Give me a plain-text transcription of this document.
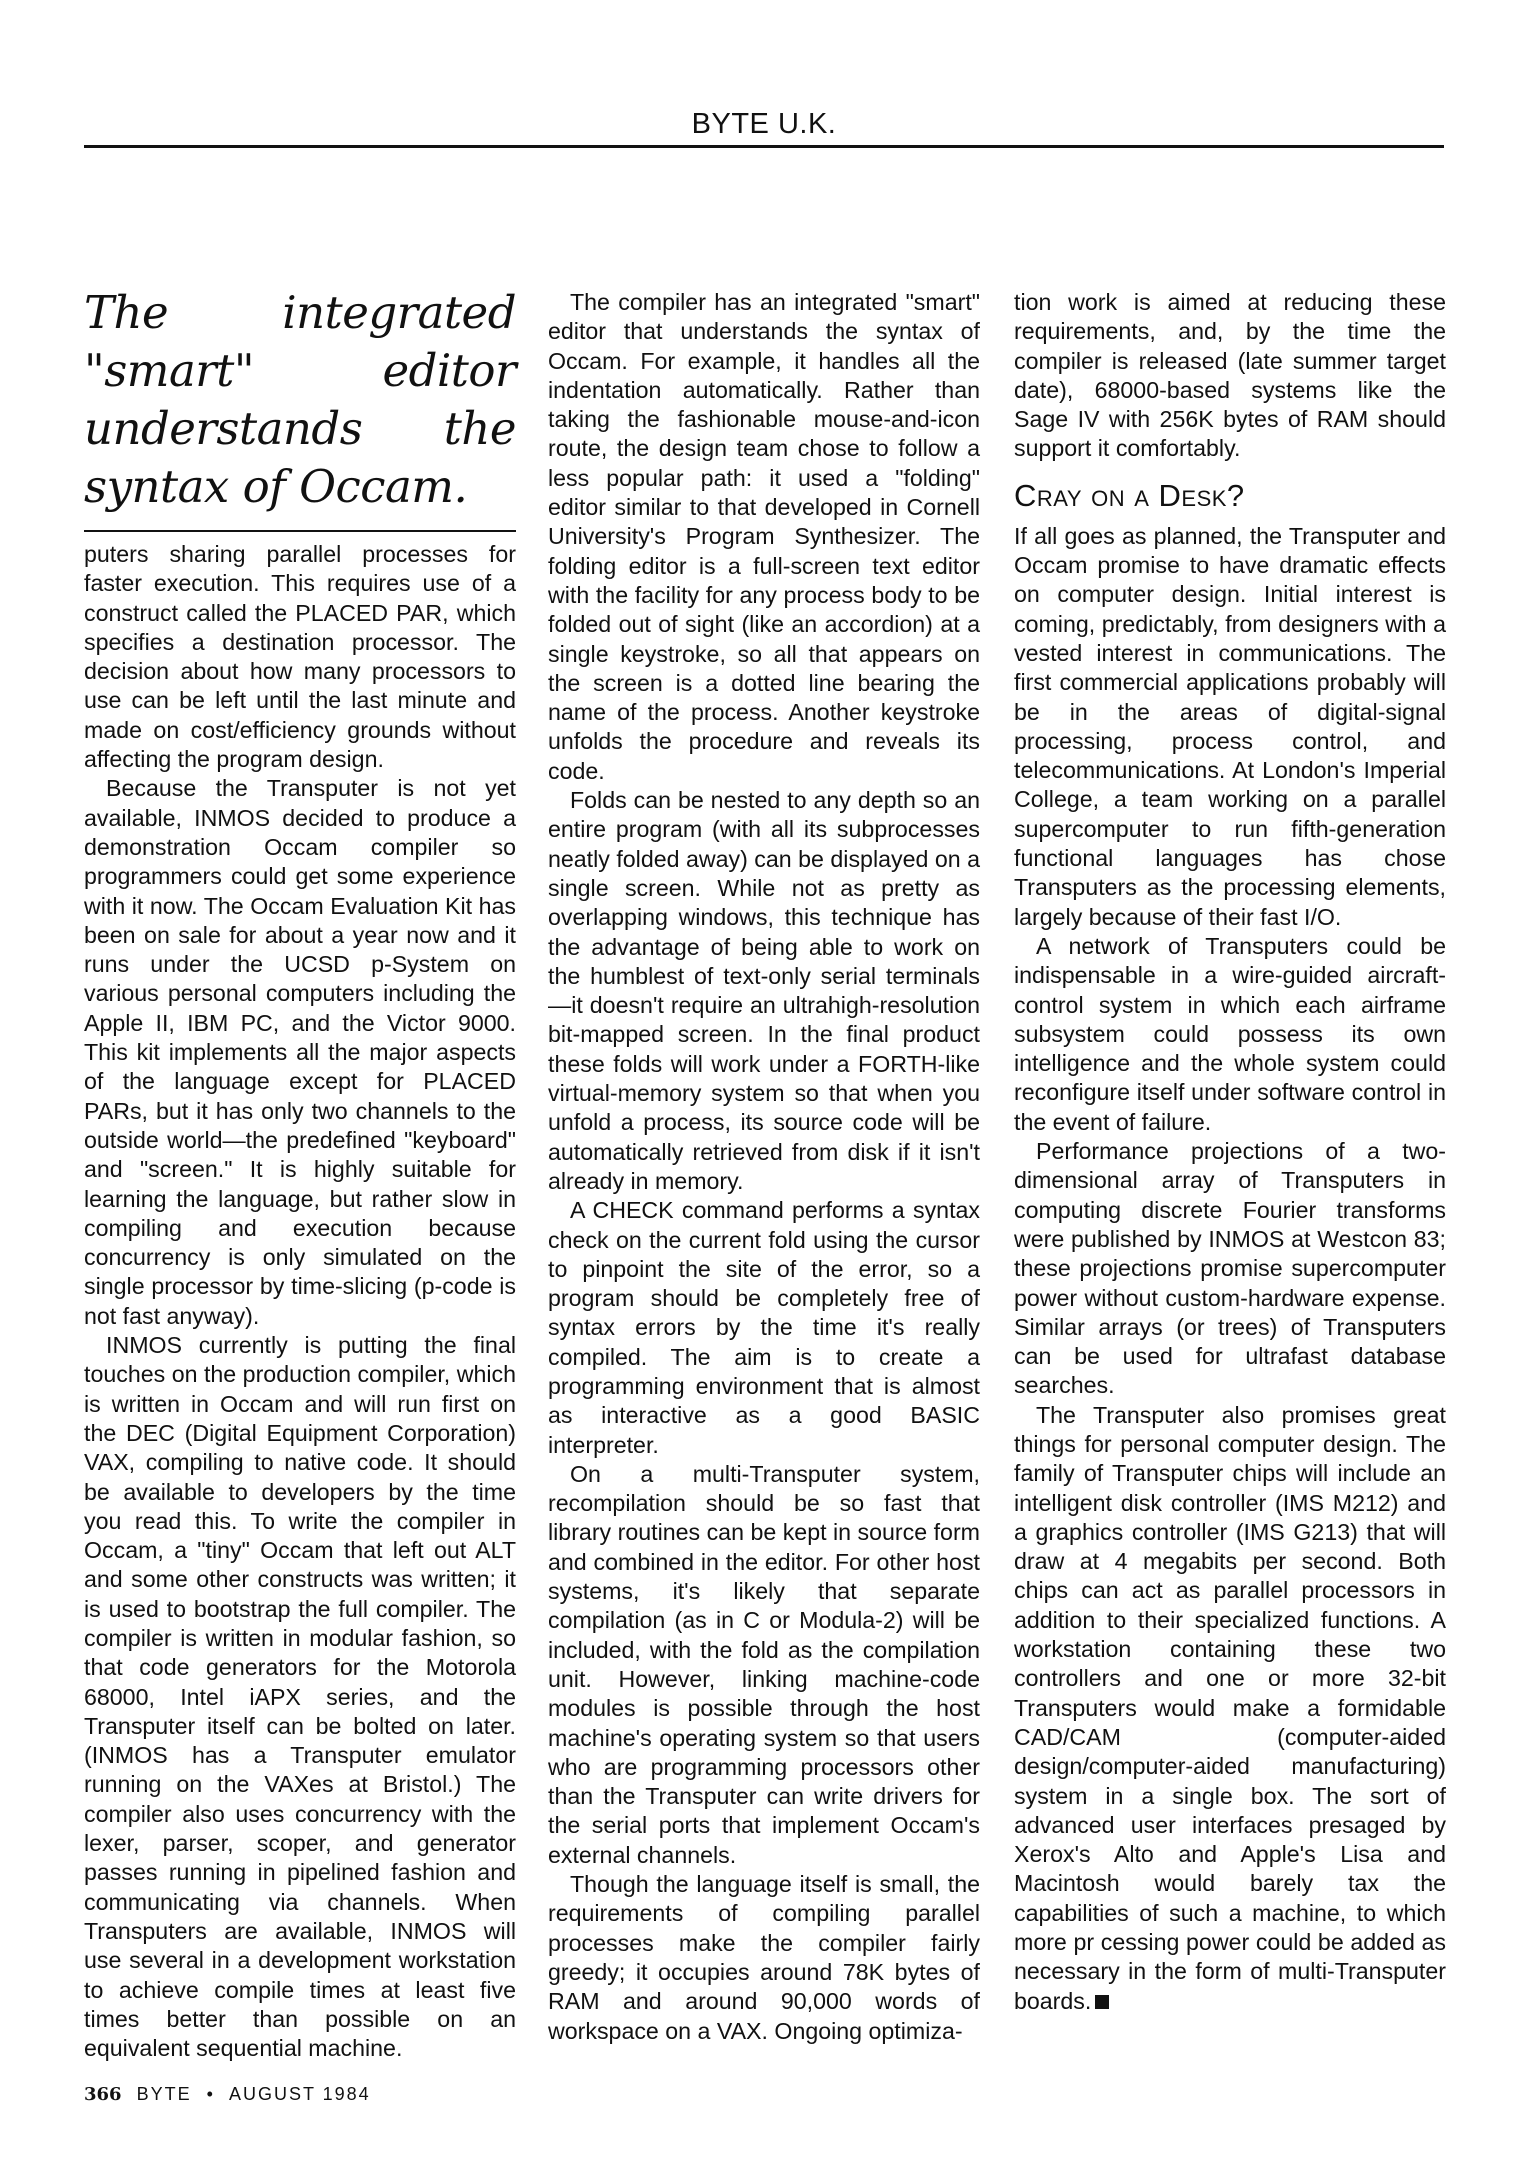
BYTE U.K.
The integrated "smart" editor understands the syntax of Occam.

puters sharing parallel processes for faster execution. This requires use of a construct called the PLACED PAR, which specifies a destination processor. The decision about how many processors to use can be left until the last minute and made on cost/efficiency grounds without affecting the program design.

Because the Transputer is not yet available, INMOS decided to produce a demonstration Occam compiler so programmers could get some experience with it now. The Occam Evaluation Kit has been on sale for about a year now and it runs under the UCSD p-System on various personal computers including the Apple II, IBM PC, and the Victor 9000. This kit implements all the major aspects of the language except for PLACED PARs, but it has only two channels to the outside world—the predefined "keyboard" and "screen." It is highly suitable for learning the language, but rather slow in compiling and execution because concurrency is only simulated on the single processor by time-slicing (p-code is not fast anyway).

INMOS currently is putting the final touches on the production compiler, which is written in Occam and will run first on the DEC (Digital Equipment Corporation) VAX, compiling to native code. It should be available to developers by the time you read this. To write the compiler in Occam, a "tiny" Occam that left out ALT and some other constructs was written; it is used to bootstrap the full compiler. The compiler is written in modular fashion, so that code generators for the Motorola 68000, Intel iAPX series, and the Transputer itself can be bolted on later. (INMOS has a Transputer emulator running on the VAXes at Bristol.) The compiler also uses concurrency with the lexer, parser, scoper, and generator passes running in pipelined fashion and communicating via channels. When Transputers are available, INMOS will use several in a development workstation to achieve compile times at least five times better than possible on an equivalent sequential machine.

The compiler has an integrated "smart" editor that understands the syntax of Occam. For example, it handles all the indentation automatically. Rather than taking the fashionable mouse-and-icon route, the design team chose to follow a less popular path: it used a "folding" editor similar to that developed in Cornell University's Program Synthesizer. The folding editor is a full-screen text editor with the facility for any process body to be folded out of sight (like an accordion) at a single keystroke, so all that appears on the screen is a dotted line bearing the name of the process. Another keystroke unfolds the procedure and reveals its code.

Folds can be nested to any depth so an entire program (with all its subprocesses neatly folded away) can be displayed on a single screen. While not as pretty as overlapping windows, this technique has the advantage of being able to work on the humblest of text-only serial terminals—it doesn't require an ultrahigh-resolution bit-mapped screen. In the final product these folds will work under a FORTH-like virtual-memory system so that when you unfold a process, its source code will be automatically retrieved from disk if it isn't already in memory.

A CHECK command performs a syntax check on the current fold using the cursor to pinpoint the site of the error, so a program should be completely free of syntax errors by the time it's really compiled. The aim is to create a programming environment that is almost as interactive as a good BASIC interpreter.

On a multi-Transputer system, recompilation should be so fast that library routines can be kept in source form and combined in the editor. For other host systems, it's likely that separate compilation (as in C or Modula-2) will be included, with the fold as the compilation unit. However, linking machine-code modules is possible through the host machine's operating system so that users who are programming processors other than the Transputer can write drivers for the serial ports that implement Occam's external channels.

Though the language itself is small, the requirements of compiling parallel processes make the compiler fairly greedy; it occupies around 78K bytes of RAM and around 90,000 words of workspace on a VAX. Ongoing optimiza-

tion work is aimed at reducing these requirements, and, by the time the compiler is released (late summer target date), 68000-based systems like the Sage IV with 256K bytes of RAM should support it comfortably.

Cray on a Desk?

If all goes as planned, the Transputer and Occam promise to have dramatic effects on computer design. Initial interest is coming, predictably, from designers with a vested interest in communications. The first commercial applications probably will be in the areas of digital-signal processing, process control, and telecommunications. At London's Imperial College, a team working on a parallel supercomputer to run fifth-generation functional languages has chose Transputers as the processing elements, largely because of their fast I/O.

A network of Transputers could be indispensable in a wire-guided aircraft-control system in which each airframe subsystem could possess its own intelligence and the whole system could reconfigure itself under software control in the event of failure.

Performance projections of a two-dimensional array of Transputers in computing discrete Fourier transforms were published by INMOS at Westcon 83; these projections promise supercomputer power without custom-hardware expense. Similar arrays (or trees) of Transputers can be used for ultrafast database searches.

The Transputer also promises great things for personal computer design. The family of Transputer chips will include an intelligent disk controller (IMS M212) and a graphics controller (IMS G213) that will draw at 4 megabits per second. Both chips can act as parallel processors in addition to their specialized functions. A workstation containing these two controllers and one or more 32-bit Transputers would make a formidable CAD/CAM (computer-aided design/computer-aided manufacturing) system in a single box. The sort of advanced user interfaces presaged by Xerox's Alto and Apple's Lisa and Macintosh would barely tax the capabilities of such a machine, to which more pr cessing power could be added as necessary in the form of multi-Transputer boards.

366 BYTE • AUGUST 1984
